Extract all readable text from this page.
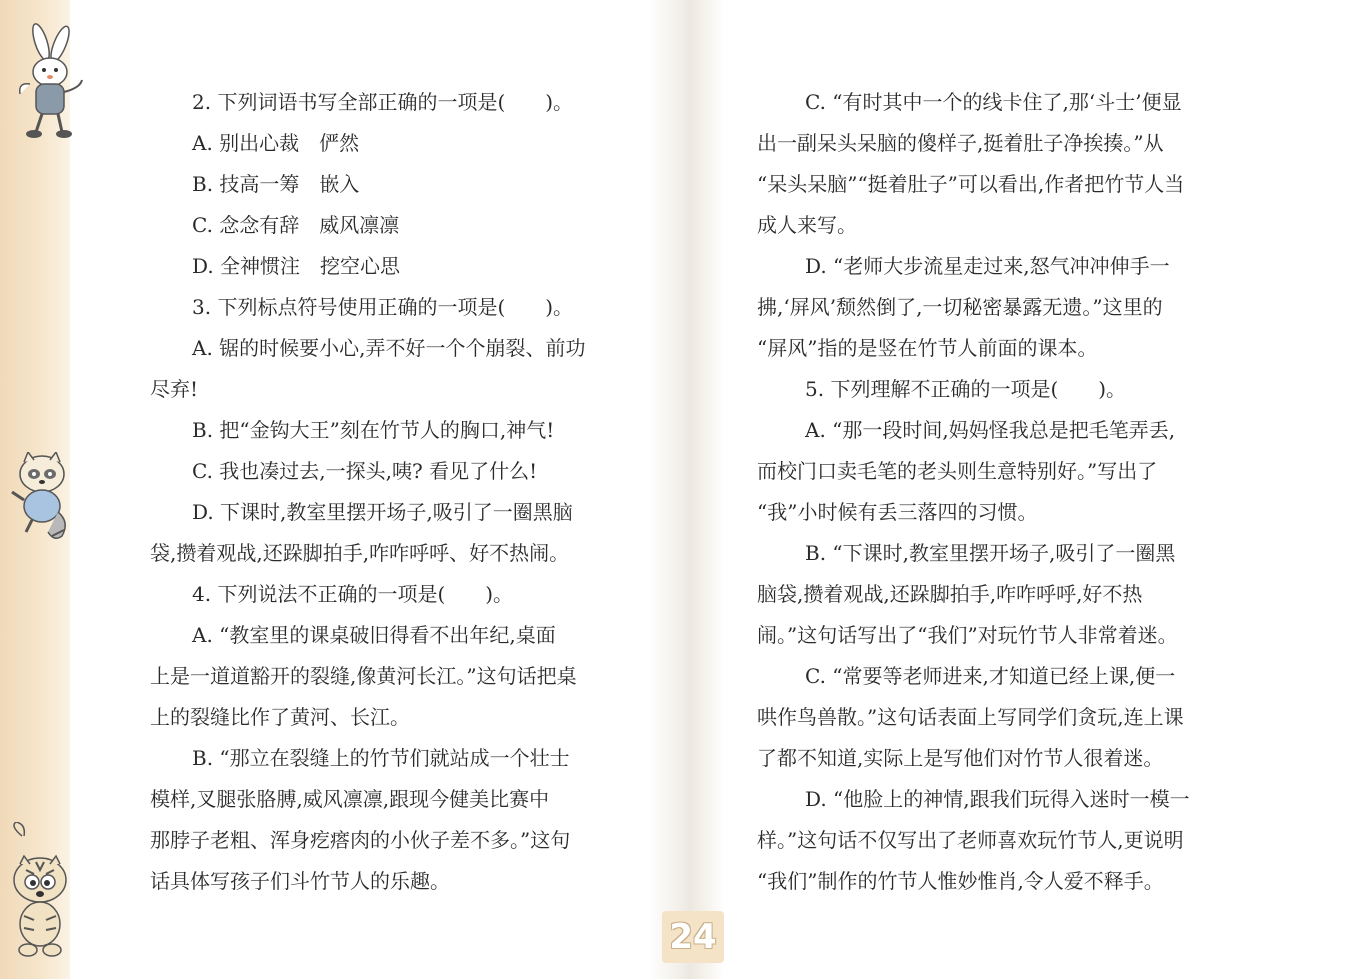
2. 下列词语书写全部正确的一项是(　　)。
A. 别出心裁　俨然
B. 技高一筹　嵌入
C. 念念有辞　威风凛凛
D. 全神惯注　挖空心思
3. 下列标点符号使用正确的一项是(　　)。
A. 锯的时候要小心,弄不好一个个崩裂、前功
尽弃!
B. 把“金钩大王”刻在竹节人的胸口,神气!
C. 我也凑过去,一探头,咦? 看见了什么!
D. 下课时,教室里摆开场子,吸引了一圈黑脑
袋,攒着观战,还跺脚拍手,咋咋呼呼、好不热闹。
4. 下列说法不正确的一项是(　　)。
A. “教室里的课桌破旧得看不出年纪,桌面
上是一道道豁开的裂缝,像黄河长江。”这句话把桌
上的裂缝比作了黄河、长江。
B. “那立在裂缝上的竹节们就站成一个壮士
模样,叉腿张胳膊,威风凛凛,跟现今健美比赛中
那脖子老粗、浑身疙瘩肉的小伙子差不多。”这句
话具体写孩子们斗竹节人的乐趣。
C. “有时其中一个的线卡住了,那‘斗士’便显
出一副呆头呆脑的傻样子,挺着肚子净挨揍。”从
“呆头呆脑”“挺着肚子”可以看出,作者把竹节人当
成人来写。
D. “老师大步流星走过来,怒气冲冲伸手一
拂,‘屏风’颓然倒了,一切秘密暴露无遗。”这里的
“屏风”指的是竖在竹节人前面的课本。
5. 下列理解不正确的一项是(　　)。
A. “那一段时间,妈妈怪我总是把毛笔弄丢,
而校门口卖毛笔的老头则生意特别好。”写出了
“我”小时候有丢三落四的习惯。
B. “下课时,教室里摆开场子,吸引了一圈黑
脑袋,攒着观战,还跺脚拍手,咋咋呼呼,好不热
闹。”这句话写出了“我们”对玩竹节人非常着迷。
C. “常要等老师进来,才知道已经上课,便一
哄作鸟兽散。”这句话表面上写同学们贪玩,连上课
了都不知道,实际上是写他们对竹节人很着迷。
D. “他脸上的神情,跟我们玩得入迷时一模一
样。”这句话不仅写出了老师喜欢玩竹节人,更说明
“我们”制作的竹节人惟妙惟肖,令人爱不释手。
24
